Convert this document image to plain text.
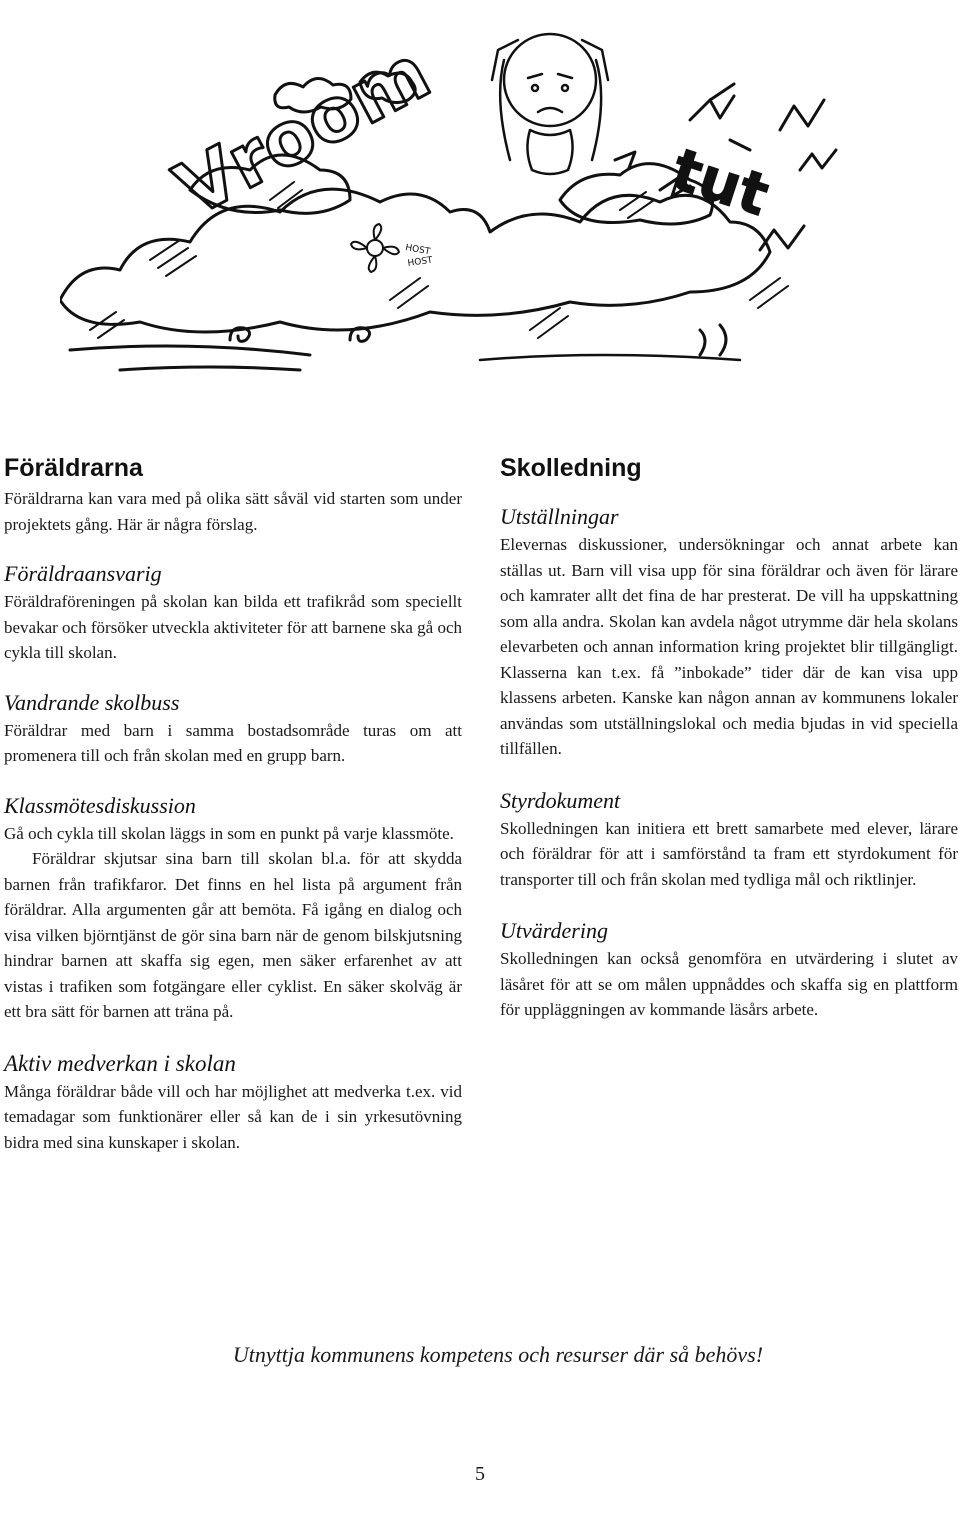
Vroom
HOST
HOST
tut
Föräldrarna

Föräldrarna kan vara med på olika sätt såväl vid starten som under projektets gång. Här är några förslag.

Föräldraansvarig

Föräldraföreningen på skolan kan bilda ett trafikråd som speciellt bevakar och försöker utveckla aktiviteter för att barnene ska gå och cykla till skolan.

Vandrande skolbuss

Föräldrar med barn i samma bostadsområde turas om att promenera till och från skolan med en grupp barn.

Klassmötesdiskussion

Gå och cykla till skolan läggs in som en punkt på varje klassmöte.

Föräldrar skjutsar sina barn till skolan bl.a. för att skydda barnen från trafikfaror. Det finns en hel lista på argument från föräldrar. Alla argumenten går att bemöta. Få igång en dialog och visa vilken björntjänst de gör sina barn när de genom bilskjutsning hindrar barnen att skaffa sig egen, men säker erfarenhet av att vistas i trafiken som fotgängare eller cyklist. En säker skolväg är ett bra sätt för barnen att träna på.

Aktiv medverkan i skolan

Många föräldrar både vill och har möjlighet att medverka t.ex. vid temadagar som funktionärer eller så kan de i sin yrkesutövning bidra med sina kunskaper i skolan.

Skolledning
Utställningar

Elevernas diskussioner, undersökningar och annat arbete kan ställas ut. Barn vill visa upp för sina föräldrar och även för lärare och kamrater allt det fina de har presterat. De vill ha uppskattning som alla andra. Skolan kan avdela något utrymme där hela skolans elevarbeten och annan information kring projektet blir tillgängligt. Klasserna kan t.ex. få ”inbokade” tider där de kan visa upp klassens arbeten. Kanske kan någon annan av kommunens lokaler användas som utställningslokal och media bjudas in vid speciella tillfällen.

Styrdokument

Skolledningen kan initiera ett brett samarbete med elever, lärare och föräldrar för att i samförstånd ta fram ett styrdokument för transporter till och från skolan med tydliga mål och riktlinjer.

Utvärdering

Skolledningen kan också genomföra en utvärdering i slutet av läsåret för att se om målen uppnåddes och skaffa sig en plattform för uppläggningen av kommande läsårs arbete.

Utnyttja kommunens kompetens och resurser där så behövs!
5
